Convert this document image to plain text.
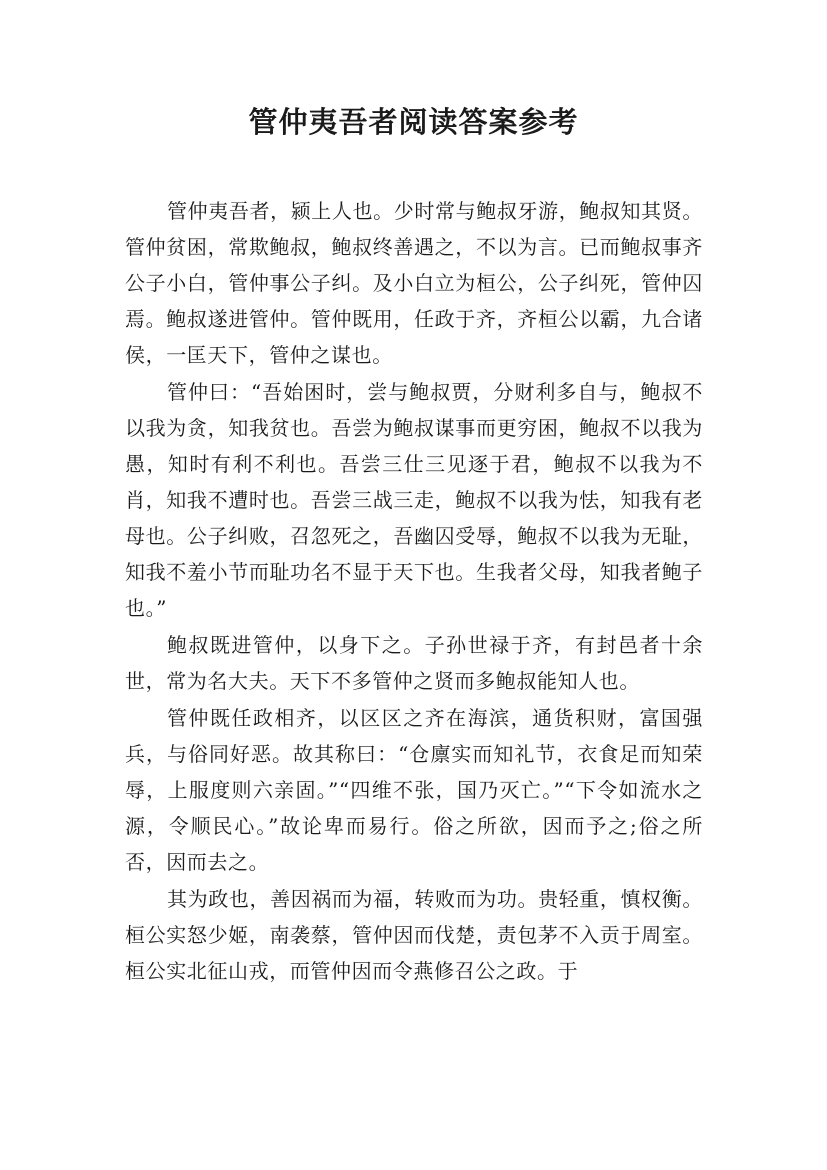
管仲夷吾者阅读答案参考

管仲夷吾者，颍上人也。少时常与鲍叔牙游，鲍叔知其贤。管仲贫困，常欺鲍叔，鲍叔终善遇之，不以为言。已而鲍叔事齐公子小白，管仲事公子纠。及小白立为桓公，公子纠死，管仲囚焉。鲍叔遂进管仲。管仲既用，任政于齐，齐桓公以霸，九合诸侯，一匡天下，管仲之谋也。

管仲曰：“吾始困时，尝与鲍叔贾，分财利多自与，鲍叔不以我为贪，知我贫也。吾尝为鲍叔谋事而更穷困，鲍叔不以我为愚，知时有利不利也。吾尝三仕三见逐于君，鲍叔不以我为不肖，知我不遭时也。吾尝三战三走，鲍叔不以我为怯，知我有老母也。公子纠败，召忽死之，吾幽囚受辱，鲍叔不以我为无耻，知我不羞小节而耻功名不显于天下也。生我者父母，知我者鲍子也。”

鲍叔既进管仲，以身下之。子孙世禄于齐，有封邑者十余世，常为名大夫。天下不多管仲之贤而多鲍叔能知人也。

管仲既任政相齐，以区区之齐在海滨，通货积财，富国强兵，与俗同好恶。故其称曰：“仓廪实而知礼节，衣食足而知荣辱，上服度则六亲固。”“四维不张，国乃灭亡。”“下令如流水之源，令顺民心。”故论卑而易行。俗之所欲，因而予之;俗之所否，因而去之。

其为政也，善因祸而为福，转败而为功。贵轻重，慎权衡。桓公实怒少姬，南袭蔡，管仲因而伐楚，责包茅不入贡于周室。桓公实北征山戎，而管仲因而令燕修召公之政。于
